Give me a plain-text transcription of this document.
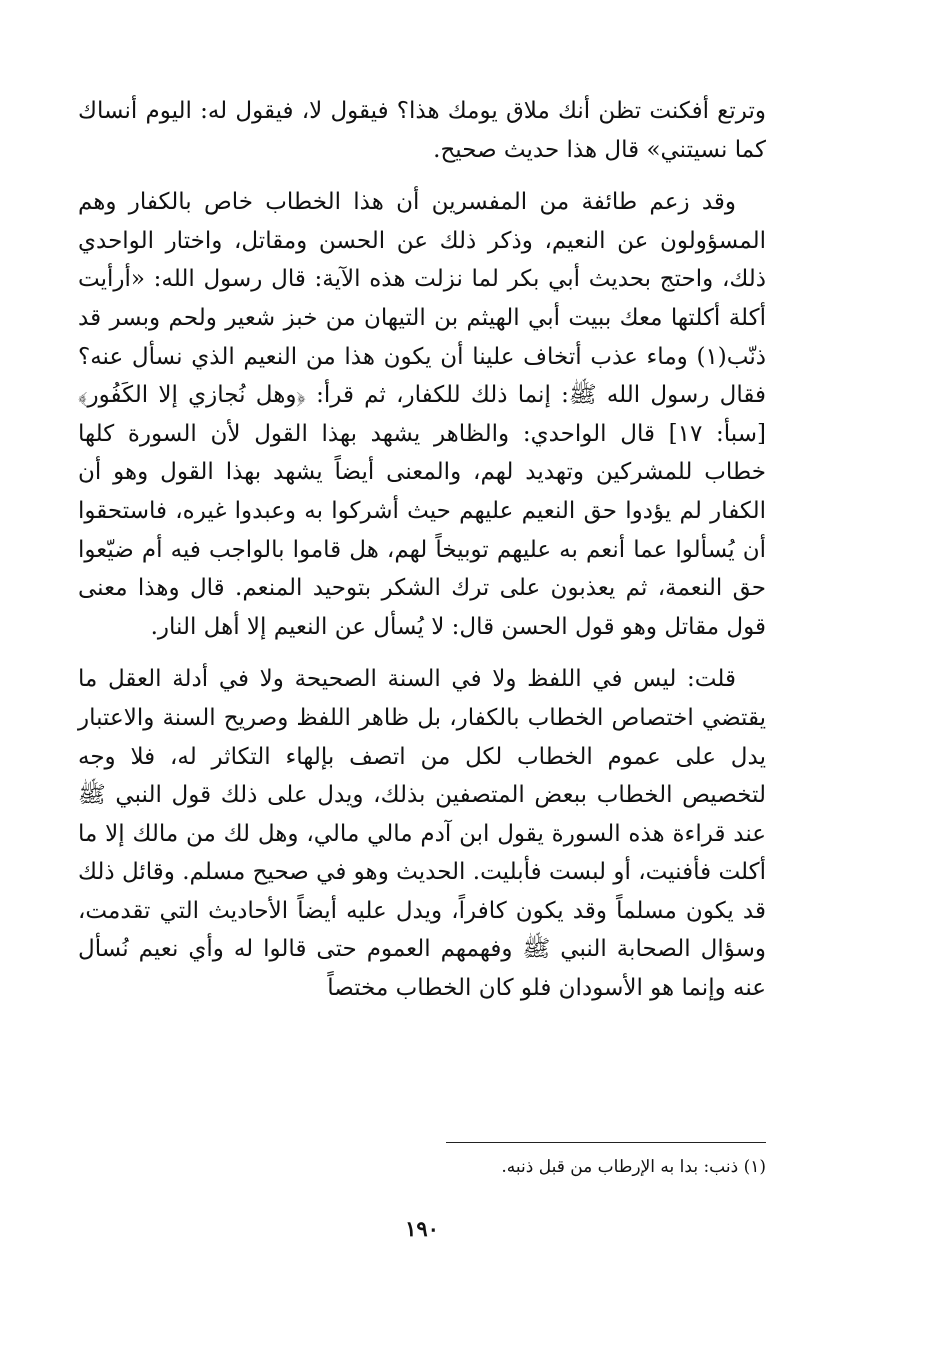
وترتع أفكنت تظن أنك ملاق يومك هذا؟ فيقول لا، فيقول له: اليوم أنساك كما نسيتني» قال هذا حديث صحيح.

وقد زعم طائفة من المفسرين أن هذا الخطاب خاص بالكفار وهم المسؤولون عن النعيم، وذكر ذلك عن الحسن ومقاتل، واختار الواحدي ذلك، واحتج بحديث أبي بكر لما نزلت هذه الآية: قال رسول الله: «أرأيت أكلة أكلتها معك ببيت أبي الهيثم بن التيهان من خبز شعير ولحم وبسر قد ذنّب(١) وماء عذب أتخاف علينا أن يكون هذا من النعيم الذي نسأل عنه؟ فقال رسول الله ﷺ: إنما ذلك للكفار، ثم قرأ: ﴿وهل نُجازي إلا الكَفُور﴾ [سبأ: ١٧] قال الواحدي: والظاهر يشهد بهذا القول لأن السورة كلها خطاب للمشركين وتهديد لهم، والمعنى أيضاً يشهد بهذا القول وهو أن الكفار لم يؤدوا حق النعيم عليهم حيث أشركوا به وعبدوا غيره، فاستحقوا أن يُسألوا عما أنعم به عليهم توبيخاً لهم، هل قاموا بالواجب فيه أم ضيّعوا حق النعمة، ثم يعذبون على ترك الشكر بتوحيد المنعم. قال وهذا معنى قول مقاتل وهو قول الحسن قال: لا يُسأل عن النعيم إلا أهل النار.

قلت: ليس في اللفظ ولا في السنة الصحيحة ولا في أدلة العقل ما يقتضي اختصاص الخطاب بالكفار، بل ظاهر اللفظ وصريح السنة والاعتبار يدل على عموم الخطاب لكل من اتصف بإلهاء التكاثر له، فلا وجه لتخصيص الخطاب ببعض المتصفين بذلك، ويدل على ذلك قول النبي ﷺ عند قراءة هذه السورة يقول ابن آدم مالي مالي، وهل لك من مالك إلا ما أكلت فأفنيت، أو لبست فأبليت. الحديث وهو في صحيح مسلم. وقائل ذلك قد يكون مسلماً وقد يكون كافراً، ويدل عليه أيضاً الأحاديث التي تقدمت، وسؤال الصحابة النبي ﷺ وفهمهم العموم حتى قالوا له وأي نعيم نُسأل عنه وإنما هو الأسودان فلو كان الخطاب مختصاً

(١) ذنب: بدا به الإرطاب من قبل ذنبه.
١٩٠
